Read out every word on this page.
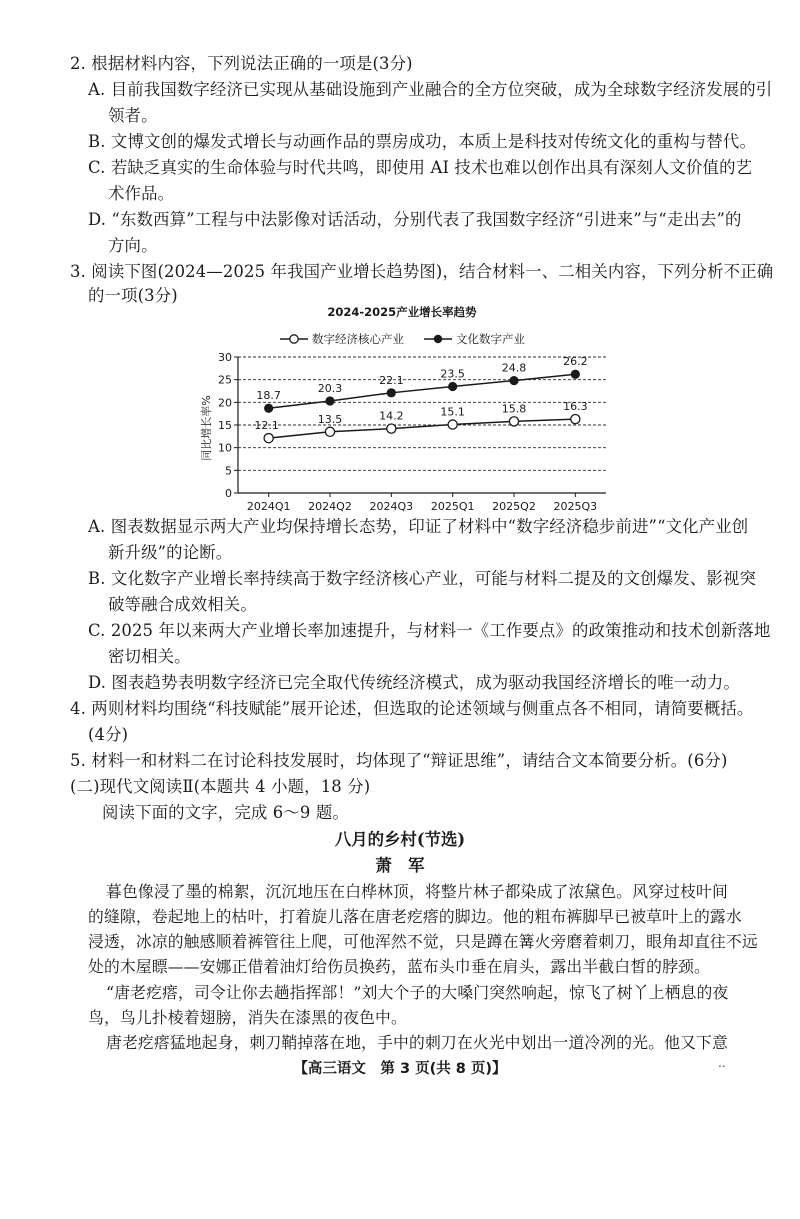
2. 根据材料内容，下列说法正确的一项是(3分)
A. 目前我国数字经济已实现从基础设施到产业融合的全方位突破，成为全球数字经济发展的引
领者。
B. 文博文创的爆发式增长与动画作品的票房成功，本质上是科技对传统文化的重构与替代。
C. 若缺乏真实的生命体验与时代共鸣，即使用 AI 技术也难以创作出具有深刻人文价值的艺
术作品。
D. “东数西算”工程与中法影像对话活动，分别代表了我国数字经济“引进来”与“走出去”的
方向。
3. 阅读下图(2024—2025 年我国产业增长趋势图)，结合材料一、二相关内容，下列分析不正确
的一项(3分)
2024-2025产业增长率趋势
数字经济核心产业	文化数字产业
同比增长率%
0
5
10
15
20
25
30
2024Q1 2024Q2 2024Q3 2025Q1 2025Q2 2025Q3
12.1	13.5	14.2	15.1	15.8	16.3
18.7
20.3
22.1	23.5	24.8	26.2
A. 图表数据显示两大产业均保持增长态势，印证了材料中“数字经济稳步前进”“文化产业创
新升级”的论断。
B. 文化数字产业增长率持续高于数字经济核心产业，可能与材料二提及的文创爆发、影视突
破等融合成效相关。
C. 2025 年以来两大产业增长率加速提升，与材料一《工作要点》的政策推动和技术创新落地
密切相关。
D. 图表趋势表明数字经济已完全取代传统经济模式，成为驱动我国经济增长的唯一动力。
4. 两则材料均围绕“科技赋能”展开论述，但选取的论述领域与侧重点各不相同，请简要概括。
(4分)
5. 材料一和材料二在讨论科技发展时，均体现了“辩证思维”，请结合文本简要分析。(6分)
(二)现代文阅读Ⅱ(本题共 4 小题，18 分)
阅读下面的文字，完成 6～9 题。
八月的乡村(节选)
萧　军
暮色像浸了墨的棉絮，沉沉地压在白桦林顶，将整片林子都染成了浓黛色。风穿过枝叶间
的缝隙，卷起地上的枯叶，打着旋儿落在唐老疙瘩的脚边。他的粗布裤脚早已被草叶上的露水
浸透，冰凉的触感顺着裤管往上爬，可他浑然不觉，只是蹲在篝火旁磨着刺刀，眼角却直往不远
处的木屋瞟——安娜正借着油灯给伤员换药，蓝布头巾垂在肩头，露出半截白皙的脖颈。
“唐老疙瘩，司令让你去趟指挥部！”刘大个子的大嗓门突然响起，惊飞了树丫上栖息的夜
鸟，鸟儿扑棱着翅膀，消失在漆黑的夜色中。
唐老疙瘩猛地起身，刺刀鞘掉落在地，手中的刺刀在火光中划出一道冷冽的光。他又下意
【高三语文　第 3 页(共 8 页)】	..
